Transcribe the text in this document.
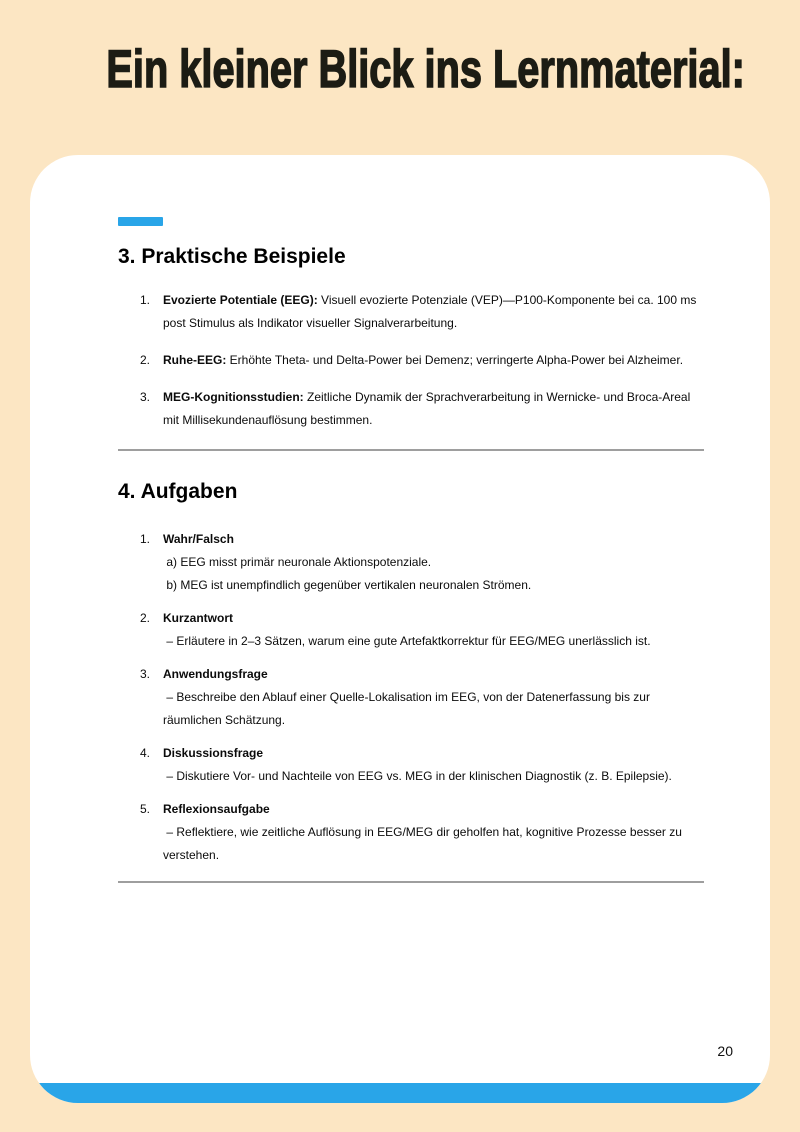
Ein kleiner Blick ins Lernmaterial:
3. Praktische Beispiele
1.	Evozierte Potentiale (EEG): Visuell evozierte Potenziale (VEP)—P100-Komponente bei ca. 100 ms post Stimulus als Indikator visueller Signalverarbeitung.
2.	Ruhe-EEG: Erhöhte Theta- und Delta-Power bei Demenz; verringerte Alpha-Power bei Alzheimer.
3.	MEG-Kognitionsstudien: Zeitliche Dynamik der Sprachverarbeitung in Wernicke- und Broca-Areal mit Millisekundenauflösung bestimmen.
4. Aufgaben
1.	Wahr/Falsch
a) EEG misst primär neuronale Aktionspotenziale.
b) MEG ist unempfindlich gegenüber vertikalen neuronalen Strömen.
2.	Kurzantwort
– Erläutere in 2–3 Sätzen, warum eine gute Artefaktkorrektur für EEG/MEG unerlässlich ist.
3.	Anwendungsfrage
– Beschreibe den Ablauf einer Quelle-Lokalisation im EEG, von der Datenerfassung bis zur räumlichen Schätzung.
4.	Diskussionsfrage
– Diskutiere Vor- und Nachteile von EEG vs. MEG in der klinischen Diagnostik (z. B. Epilepsie).
5.	Reflexionsaufgabe
– Reflektiere, wie zeitliche Auflösung in EEG/MEG dir geholfen hat, kognitive Prozesse besser zu verstehen.
20
